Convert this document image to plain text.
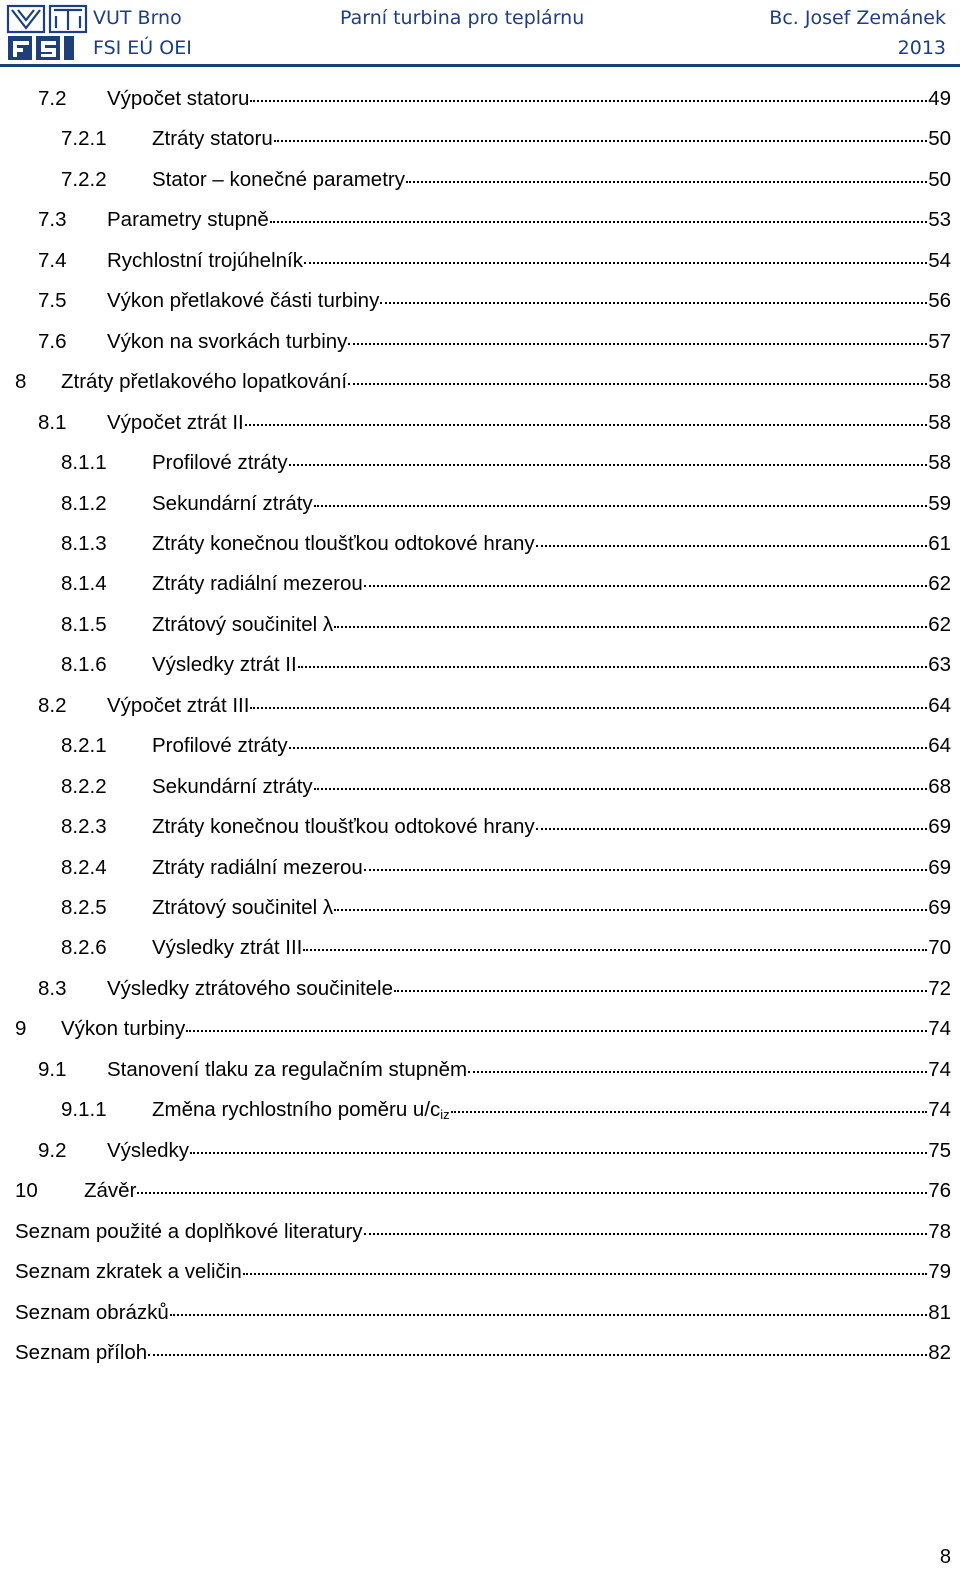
VUT Brno
FSI EÚ OEI
Parní turbina pro teplárnu	Bc. Josef Zemánek
2013
7.2	Výpočet statoru	49
7.2.1	Ztráty statoru	50
7.2.2	Stator – konečné parametry	50
7.3	Parametry stupně	53
7.4	Rychlostní trojúhelník	54
7.5	Výkon přetlakové části turbiny	56
7.6	Výkon na svorkách turbiny	57
8	Ztráty přetlakového lopatkování	58
8.1	Výpočet ztrát II	58
8.1.1	Profilové ztráty	58
8.1.2	Sekundární ztráty	59
8.1.3	Ztráty konečnou tloušťkou odtokové hrany	61
8.1.4	Ztráty radiální mezerou	62
8.1.5	Ztrátový součinitel λ	62
8.1.6	Výsledky ztrát II	63
8.2	Výpočet ztrát III	64
8.2.1	Profilové ztráty	64
8.2.2	Sekundární ztráty	68
8.2.3	Ztráty konečnou tloušťkou odtokové hrany	69
8.2.4	Ztráty radiální mezerou	69
8.2.5	Ztrátový součinitel λ	69
8.2.6	Výsledky ztrát III	70
8.3	Výsledky ztrátového součinitele	72
9	Výkon turbiny	74
9.1	Stanovení tlaku za regulačním stupněm	74
9.1.1	Změna rychlostního poměru $u/c_{iz}$	74
9.2	Výsledky	75
10	Závěr	76
Seznam použité a doplňkové literatury	78
Seznam zkratek a veličin	79
Seznam obrázků	81
Seznam příloh	82
8
